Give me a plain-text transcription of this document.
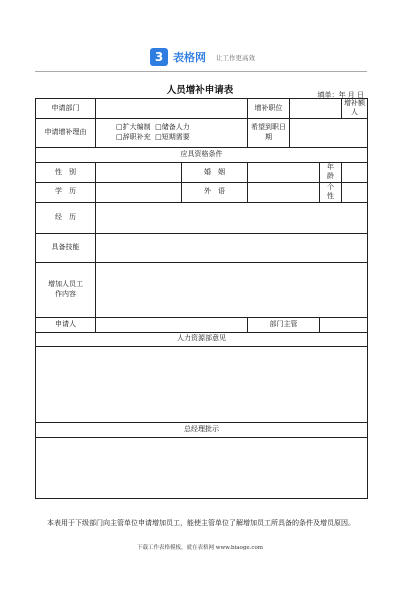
3 表格网 让工作更高效
人员增补申请表	填单：年 月 日
申请部门			增补职位			增补额 人
申请增补理由	□扩大编制 □储备人力
□辞职补充 □短期需要		希望到职日期			
应具资格条件						
性　别		婚　姻			年　龄	
学　历		外　语			个　性	
经　历						
具备技能						
增加人员工作内容						
申请人			部门主管			
人力资源部意见						

总经理批示						

本表用于下级部门向主管单位申请增加员工，能使主管单位了解增加员工所具备的条件及增员原因。
下载工作表格模板，就在表格网 www.biaoge.com
